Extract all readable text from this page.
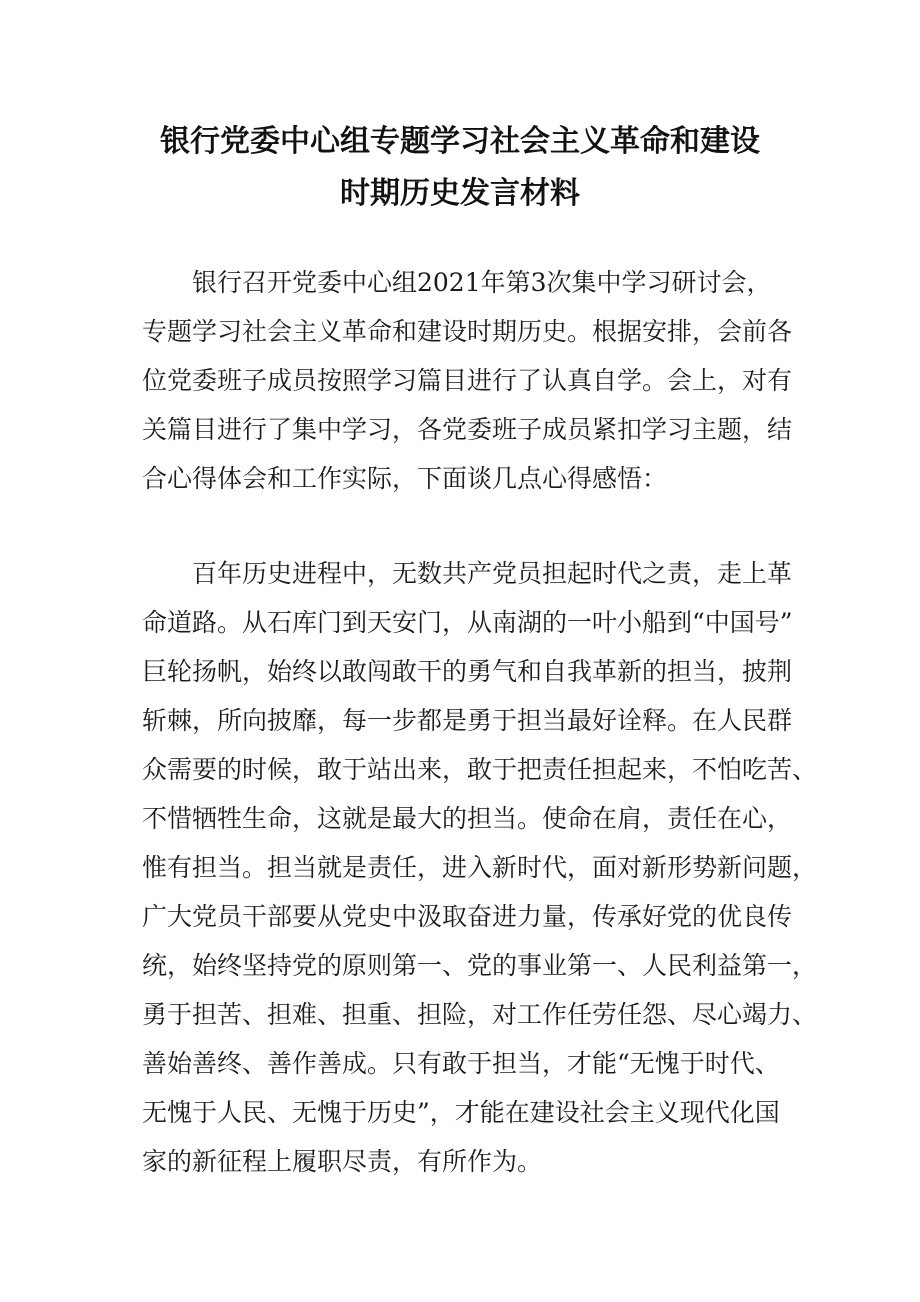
银行党委中心组专题学习社会主义革命和建设
时期历史发言材料

银行召开党委中心组2021年第3次集中学习研讨会，
专题学习社会主义革命和建设时期历史。根据安排，会前各
位党委班子成员按照学习篇目进行了认真自学。会上，对有
关篇目进行了集中学习，各党委班子成员紧扣学习主题，结
合心得体会和工作实际，下面谈几点心得感悟：

百年历史进程中，无数共产党员担起时代之责，走上革
命道路。从石库门到天安门，从南湖的一叶小船到“中国号”
巨轮扬帆，始终以敢闯敢干的勇气和自我革新的担当，披荆
斩棘，所向披靡，每一步都是勇于担当最好诠释。在人民群
众需要的时候，敢于站出来，敢于把责任担起来，不怕吃苦、
不惜牺牲生命，这就是最大的担当。使命在肩，责任在心，
惟有担当。担当就是责任，进入新时代，面对新形势新问题，
广大党员干部要从党史中汲取奋进力量，传承好党的优良传
统，始终坚持党的原则第一、党的事业第一、人民利益第一，
勇于担苦、担难、担重、担险，对工作任劳任怨、尽心竭力、
善始善终、善作善成。只有敢于担当，才能“无愧于时代、
无愧于人民、无愧于历史”，才能在建设社会主义现代化国
家的新征程上履职尽责，有所作为。
